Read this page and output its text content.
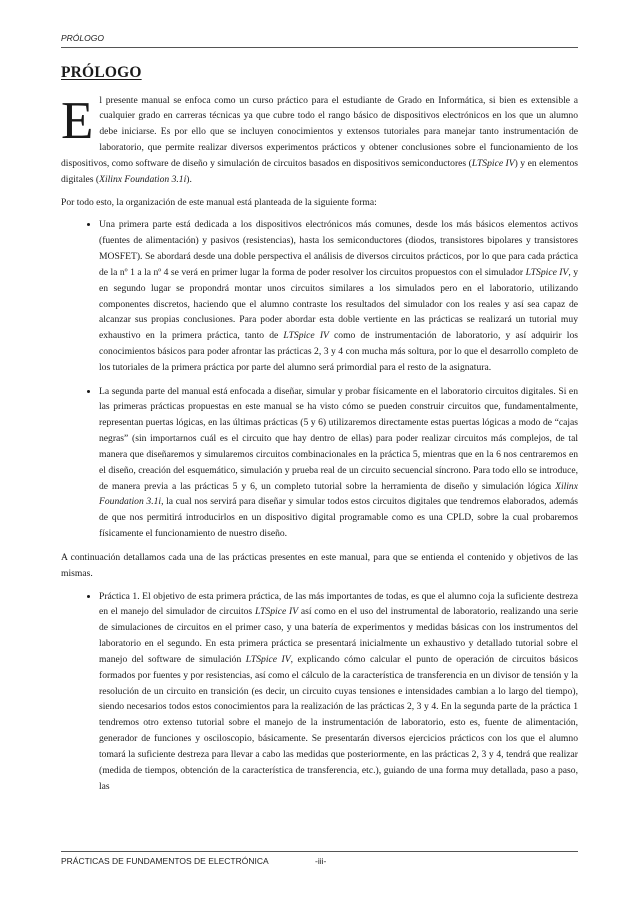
PRÓLOGO
PRÓLOGO

El presente manual se enfoca como un curso práctico para el estudiante de Grado en Informática, si bien es extensible a cualquier grado en carreras técnicas ya que cubre todo el rango básico de dispositivos electrónicos en los que un alumno debe iniciarse. Es por ello que se incluyen conocimientos y extensos tutoriales para manejar tanto instrumentación de laboratorio, que permite realizar diversos experimentos prácticos y obtener conclusiones sobre el funcionamiento de los dispositivos, como software de diseño y simulación de circuitos basados en dispositivos semiconductores (LTSpice IV) y en elementos digitales (Xilinx Foundation 3.1i).

Por todo esto, la organización de este manual está planteada de la siguiente forma:

• Una primera parte está dedicada a los dispositivos electrónicos más comunes, desde los más básicos elementos activos (fuentes de alimentación) y pasivos (resistencias), hasta los semiconductores (diodos, transistores bipolares y transistores MOSFET). Se abordará desde una doble perspectiva el análisis de diversos circuitos prácticos, por lo que para cada práctica de la nº 1 a la nº 4 se verá en primer lugar la forma de poder resolver los circuitos propuestos con el simulador LTSpice IV, y en segundo lugar se propondrá montar unos circuitos similares a los simulados pero en el laboratorio, utilizando componentes discretos, haciendo que el alumno contraste los resultados del simulador con los reales y así sea capaz de alcanzar sus propias conclusiones. Para poder abordar esta doble vertiente en las prácticas se realizará un tutorial muy exhaustivo en la primera práctica, tanto de LTSpice IV como de instrumentación de laboratorio, y así adquirir los conocimientos básicos para poder afrontar las prácticas 2, 3 y 4 con mucha más soltura, por lo que el desarrollo completo de los tutoriales de la primera práctica por parte del alumno será primordial para el resto de la asignatura.
• La segunda parte del manual está enfocada a diseñar, simular y probar físicamente en el laboratorio circuitos digitales. Si en las primeras prácticas propuestas en este manual se ha visto cómo se pueden construir circuitos que, fundamentalmente, representan puertas lógicas, en las últimas prácticas (5 y 6) utilizaremos directamente estas puertas lógicas a modo de “cajas negras” (sin importarnos cuál es el circuito que hay dentro de ellas) para poder realizar circuitos más complejos, de tal manera que diseñaremos y simularemos circuitos combinacionales en la práctica 5, mientras que en la 6 nos centraremos en el diseño, creación del esquemático, simulación y prueba real de un circuito secuencial síncrono. Para todo ello se introduce, de manera previa a las prácticas 5 y 6, un completo tutorial sobre la herramienta de diseño y simulación lógica Xilinx Foundation 3.1i, la cual nos servirá para diseñar y simular todos estos circuitos digitales que tendremos elaborados, además de que nos permitirá introducirlos en un dispositivo digital programable como es una CPLD, sobre la cual probaremos físicamente el funcionamiento de nuestro diseño.

A continuación detallamos cada una de las prácticas presentes en este manual, para que se entienda el contenido y objetivos de las mismas.

• Práctica 1. El objetivo de esta primera práctica, de las más importantes de todas, es que el alumno coja la suficiente destreza en el manejo del simulador de circuitos LTSpice IV así como en el uso del instrumental de laboratorio, realizando una serie de simulaciones de circuitos en el primer caso, y una batería de experimentos y medidas básicas con los instrumentos del laboratorio en el segundo. En esta primera práctica se presentará inicialmente un exhaustivo y detallado tutorial sobre el manejo del software de simulación LTSpice IV, explicando cómo calcular el punto de operación de circuitos básicos formados por fuentes y por resistencias, así como el cálculo de la característica de transferencia en un divisor de tensión y la resolución de un circuito en transición (es decir, un circuito cuyas tensiones e intensidades cambian a lo largo del tiempo), siendo necesarios todos estos conocimientos para la realización de las prácticas 2, 3 y 4. En la segunda parte de la práctica 1 tendremos otro extenso tutorial sobre el manejo de la instrumentación de laboratorio, esto es, fuente de alimentación, generador de funciones y osciloscopio, básicamente. Se presentarán diversos ejercicios prácticos con los que el alumno tomará la suficiente destreza para llevar a cabo las medidas que posteriormente, en las prácticas 2, 3 y 4, tendrá que realizar (medida de tiempos, obtención de la característica de transferencia, etc.), guiando de una forma muy detallada, paso a paso, las
PRÁCTICAS DE FUNDAMENTOS DE ELECTRÓNICA	-iii-
